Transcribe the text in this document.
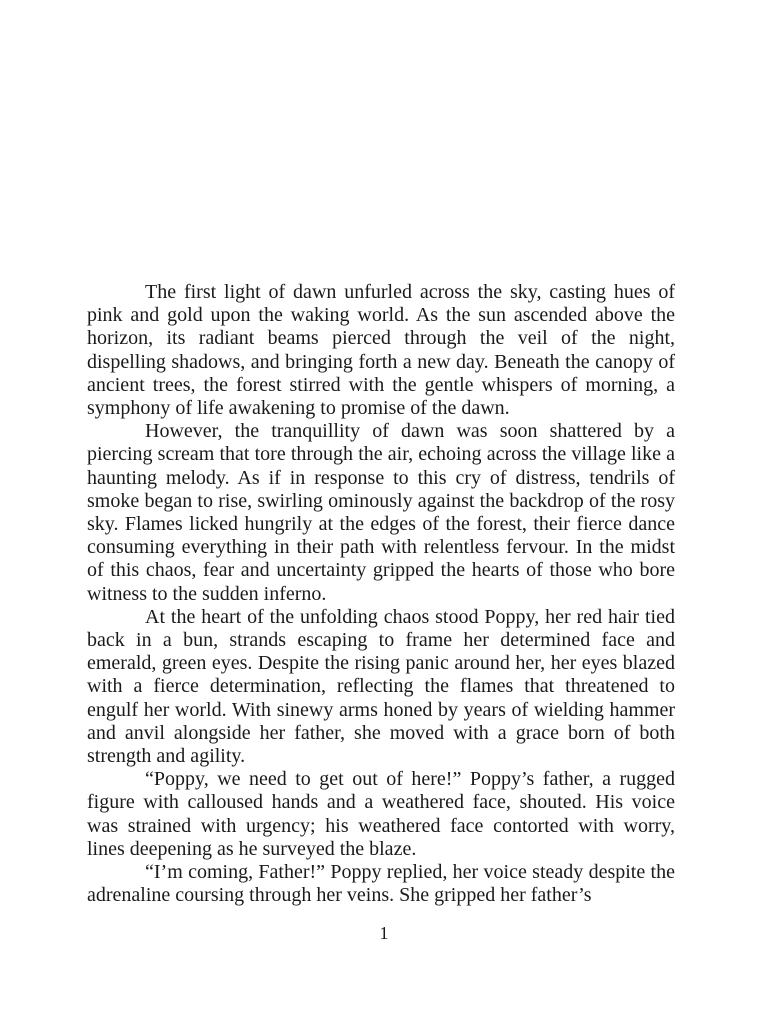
The first light of dawn unfurled across the sky, casting hues of pink and gold upon the waking world. As the sun ascended above the horizon, its radiant beams pierced through the veil of the night, dispelling shadows, and bringing forth a new day. Beneath the canopy of ancient trees, the forest stirred with the gentle whispers of morning, a symphony of life awakening to promise of the dawn.

However, the tranquillity of dawn was soon shattered by a piercing scream that tore through the air, echoing across the village like a haunting melody. As if in response to this cry of distress, tendrils of smoke began to rise, swirling ominously against the backdrop of the rosy sky. Flames licked hungrily at the edges of the forest, their fierce dance consuming everything in their path with relentless fervour. In the midst of this chaos, fear and uncertainty gripped the hearts of those who bore witness to the sudden inferno.

At the heart of the unfolding chaos stood Poppy, her red hair tied back in a bun, strands escaping to frame her determined face and emerald, green eyes. Despite the rising panic around her, her eyes blazed with a fierce determination, reflecting the flames that threatened to engulf her world. With sinewy arms honed by years of wielding hammer and anvil alongside her father, she moved with a grace born of both strength and agility.

“Poppy, we need to get out of here!” Poppy’s father, a rugged figure with calloused hands and a weathered face, shouted. His voice was strained with urgency; his weathered face contorted with worry, lines deepening as he surveyed the blaze.

“I’m coming, Father!” Poppy replied, her voice steady despite the adrenaline coursing through her veins. She gripped her father’s

1
